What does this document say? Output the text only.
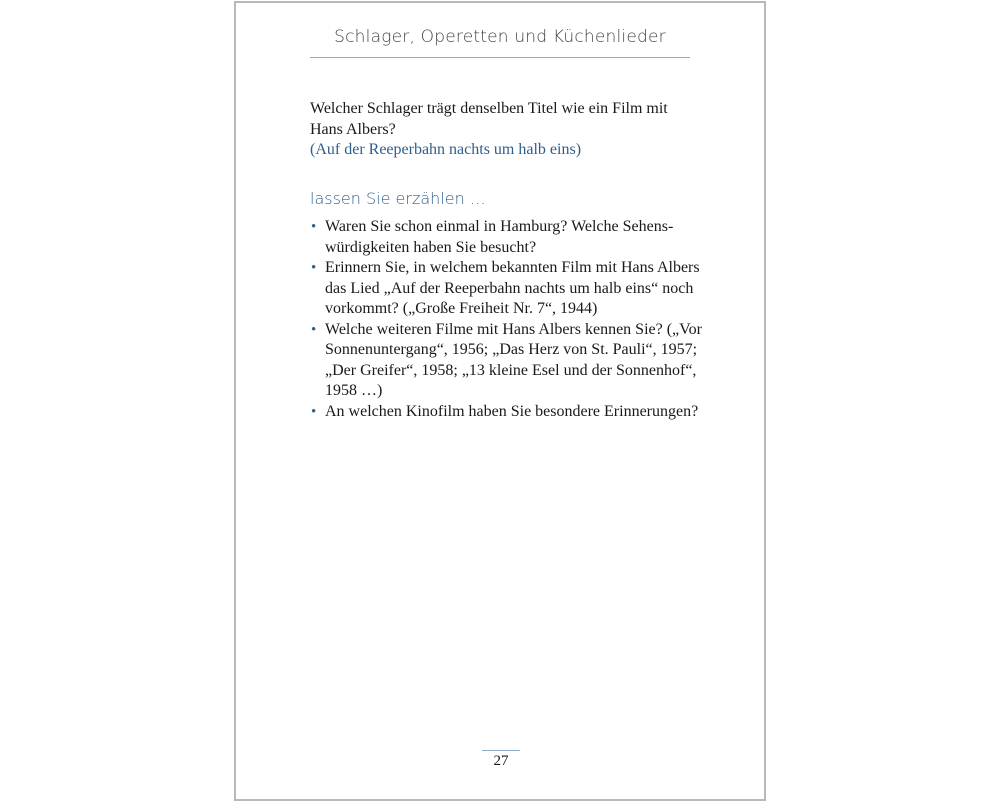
Schlager, Operetten und Küchenlieder

Welcher Schlager trägt denselben Titel wie ein Film mit Hans Albers?

(Auf der Reeperbahn nachts um halb eins)

lassen Sie erzählen …
• Waren Sie schon einmal in Hamburg? Welche Sehenswürdigkeiten haben Sie besucht?
• Erinnern Sie, in welchem bekannten Film mit Hans Albers das Lied „Auf der Reeperbahn nachts um halb eins“ noch vorkommt? („Große Freiheit Nr. 7“, 1944)
• Welche weiteren Filme mit Hans Albers kennen Sie? („Vor Sonnenuntergang“, 1956; „Das Herz von St. Pauli“, 1957; „Der Greifer“, 1958; „13 kleine Esel und der Sonnenhof“, 1958 …)
• An welchen Kinofilm haben Sie besondere Erinnerungen?
27
